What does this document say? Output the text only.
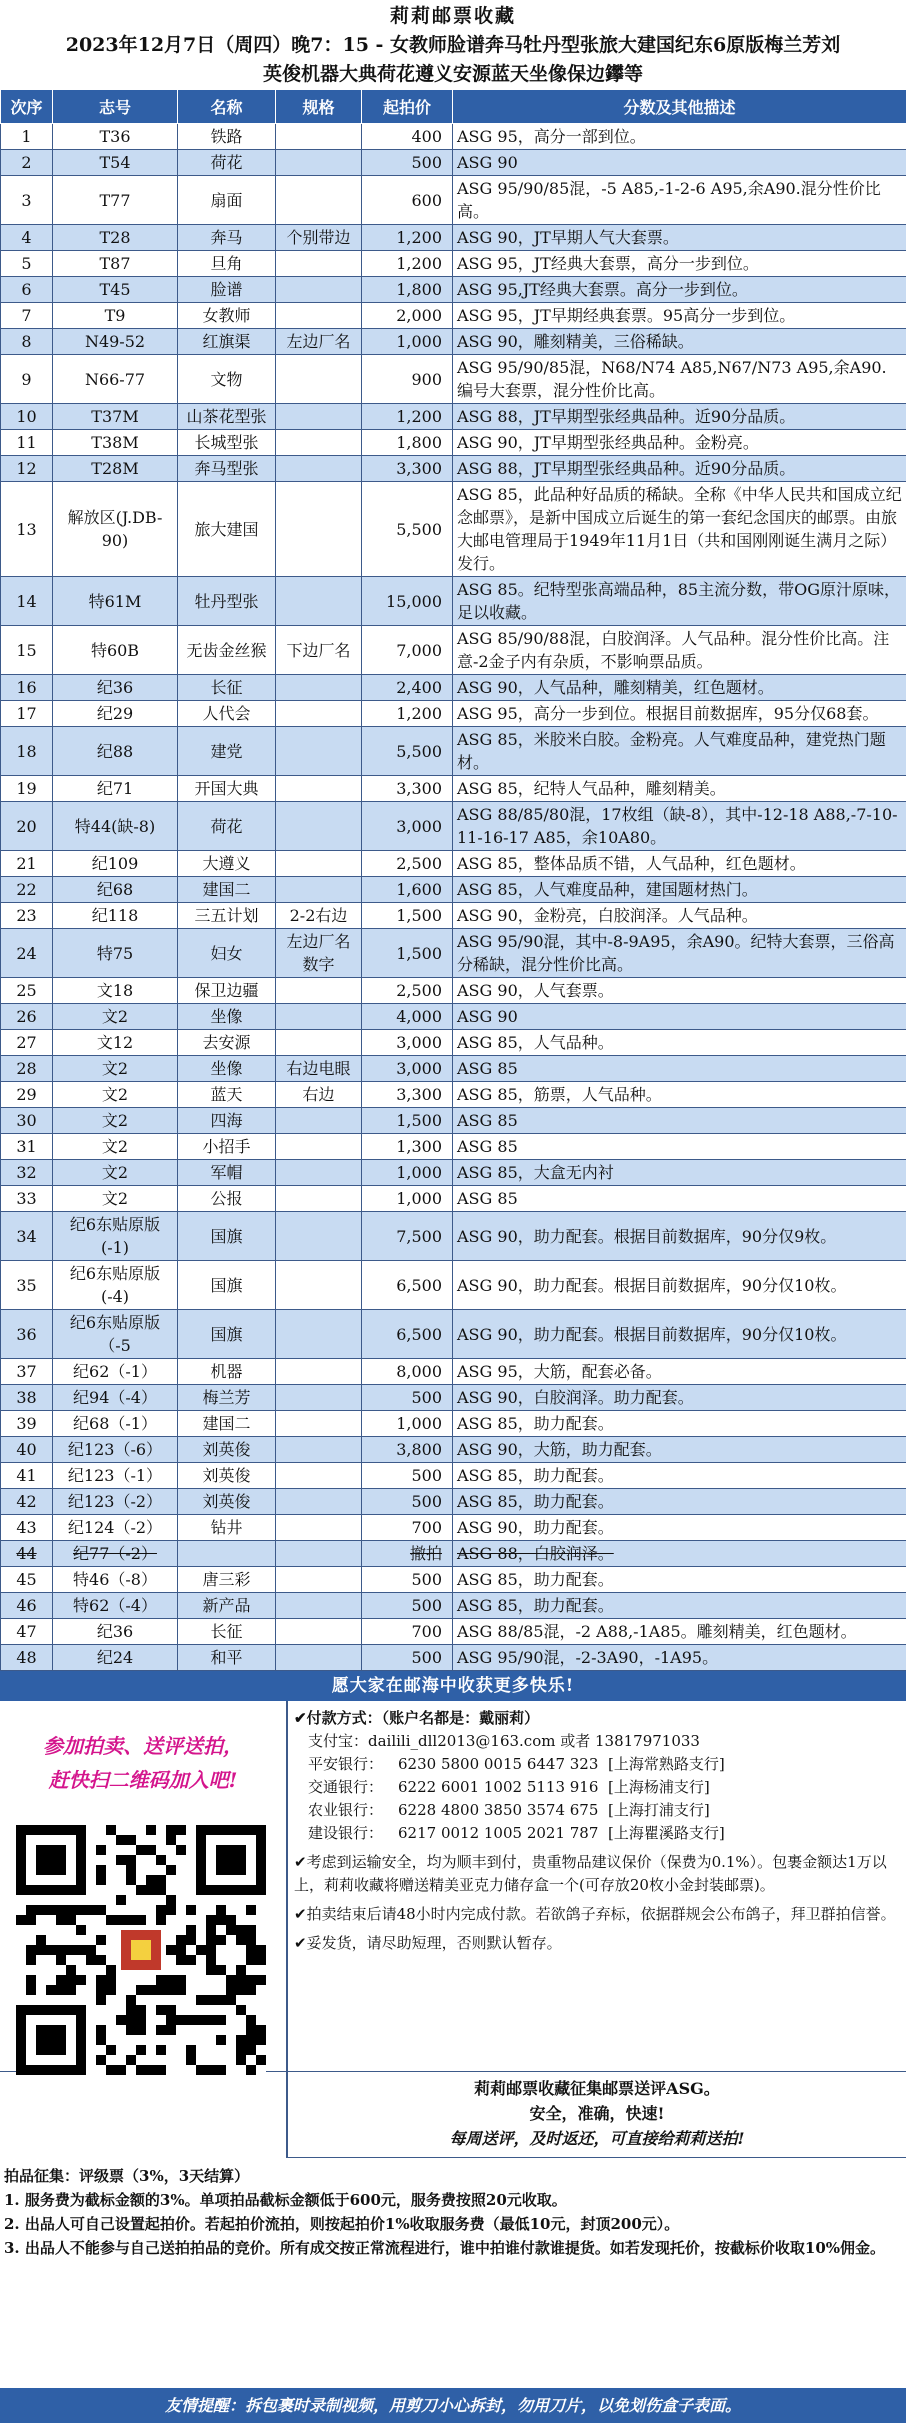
莉莉邮票收藏
2023年12月7日（周四）晚7：15 - 女教师脸谱奔马牡丹型张旅大建国纪东6原版梅兰芳刘
英俊机器大典荷花遵义安源蓝天坐像保边鑻等
次序	志号	名称	规格	起拍价	分数及其他描述
1	T36	铁路		400	ASG 95，高分一部到位。
2	T54	荷花		500	ASG 90
3	T77	扇面		600	ASG 95/90/85混，-5 A85,-1-2-6 A95,余A90.混分性价比高。
4	T28	奔马	个别带边	1,200	ASG 90，JT早期人气大套票。
5	T87	旦角		1,200	ASG 95，JT经典大套票，高分一步到位。
6	T45	脸谱		1,800	ASG 95,JT经典大套票。高分一步到位。
7	T9	女教师		2,000	ASG 95，JT早期经典套票。95高分一步到位。
8	N49-52	红旗渠	左边厂名	1,000	ASG 90，雕刻精美，三俗稀缺。
9	N66-77	文物		900	ASG 95/90/85混，N68/N74 A85,N67/N73 A95,余A90.编号大套票，混分性价比高。
10	T37M	山茶花型张		1,200	ASG 88，JT早期型张经典品种。近90分品质。
11	T38M	长城型张		1,800	ASG 90，JT早期型张经典品种。金粉亮。
12	T28M	奔马型张		3,300	ASG 88，JT早期型张经典品种。近90分品质。
13	解放区(J.DB-90)	旅大建国		5,500	ASG 85，此品种好品质的稀缺。全称《中华人民共和国成立纪念邮票》，是新中国成立后诞生的第一套纪念国庆的邮票。由旅大邮电管理局于1949年11月1日（共和国刚刚诞生满月之际）发行。
14	特61M	牡丹型张		15,000	ASG 85。纪特型张高端品种，85主流分数，带OG原汁原味，足以收藏。
15	特60B	无齿金丝猴	下边厂名	7,000	ASG 85/90/88混，白胶润泽。人气品种。混分性价比高。注意-2金子内有杂质，不影响票品质。
16	纪36	长征		2,400	ASG 90，人气品种，雕刻精美，红色题材。
17	纪29	人代会		1,200	ASG 95，高分一步到位。根据目前数据库，95分仅68套。
18	纪88	建党		5,500	ASG 85，米胶米白胶。金粉亮。人气难度品种，建党热门题材。
19	纪71	开国大典		3,300	ASG 85，纪特人气品种，雕刻精美。
20	特44(缺-8)	荷花		3,000	ASG 88/85/80混，17枚组（缺-8），其中-12-18 A88,-7-10-11-16-17 A85，余10A80。
21	纪109	大遵义		2,500	ASG 85，整体品质不错，人气品种，红色题材。
22	纪68	建国二		1,600	ASG 85，人气难度品种，建国题材热门。
23	纪118	三五计划	2-2右边	1,500	ASG 90，金粉亮，白胶润泽。人气品种。
24	特75	妇女	左边厂名数字	1,500	ASG 95/90混，其中-8-9A95，余A90。纪特大套票，三俗高分稀缺，混分性价比高。
25	文18	保卫边疆		2,500	ASG 90，人气套票。
26	文2	坐像		4,000	ASG 90
27	文12	去安源		3,000	ASG 85，人气品种。
28	文2	坐像	右边电眼	3,000	ASG 85
29	文2	蓝天	右边	3,300	ASG 85，筋票，人气品种。
30	文2	四海		1,500	ASG 85
31	文2	小招手		1,300	ASG 85
32	文2	军帽		1,000	ASG 85，大盒无内衬
33	文2	公报		1,000	ASG 85
34	纪6东贴原版(-1)	国旗		7,500	ASG 90，助力配套。根据目前数据库，90分仅9枚。
35	纪6东贴原版(-4)	国旗		6,500	ASG 90，助力配套。根据目前数据库，90分仅10枚。
36	纪6东贴原版（-5	国旗		6,500	ASG 90，助力配套。根据目前数据库，90分仅10枚。
37	纪62（-1）	机器		8,000	ASG 95，大筋，配套必备。
38	纪94（-4）	梅兰芳		500	ASG 90，白胶润泽。助力配套。
39	纪68（-1）	建国二		1,000	ASG 85，助力配套。
40	纪123（-6）	刘英俊		3,800	ASG 90，大筋，助力配套。
41	纪123（-1）	刘英俊		500	ASG 85，助力配套。
42	纪123（-2）	刘英俊		500	ASG 85，助力配套。
43	纪124（-2）	钻井		700	ASG 90，助力配套。
44	纪77（-2）			撤拍	ASG 88，白胶润泽。
45	特46（-8）	唐三彩		500	ASG 85，助力配套。
46	特62（-4）	新产品		500	ASG 85，助力配套。
47	纪36	长征		700	ASG 88/85混，-2 A88,-1A85。雕刻精美，红色题材。
48	纪24	和平		500	ASG 95/90混，-2-3A90，-1A95。
愿大家在邮海中收获更多快乐!
参加拍卖、送评送拍，
赶快扫二维码加入吧!
✔付款方式：（账户名都是：戴丽莉）
支付宝：dailili_dll2013@163.com 或者 13817971033
平安银行： 6230 5800 0015 6447 323 [上海常熟路支行]
交通银行： 6222 6001 1002 5113 916 [上海杨浦支行]
农业银行： 6228 4800 3850 3574 675 [上海打浦支行]
建设银行： 6217 0012 1005 2021 787 [上海瞿溪路支行]
✔考虑到运输安全，均为顺丰到付，贵重物品建议保价（保费为0.1%）。包裹金额达1万以上，莉莉收藏将赠送精美亚克力储存盒一个(可存放20枚小金封装邮票)。
✔拍卖结束后请48小时内完成付款。若欲鸽子弃标，依据群规会公布鸽子，拜卫群拍信誉。
✔妥发货，请尽助短理，否则默认暂存。
莉莉邮票收藏征集邮票送评ASG。
安全，准确，快速!
每周送评，及时返还，可直接给莉莉送拍!
拍品征集：评级票（3%，3天结算）
1. 服务费为截标金额的3%。单项拍品截标金额低于600元，服务费按照20元收取。
2. 出品人可自己设置起拍价。若起拍价流拍，则按起拍价1%收取服务费（最低10元，封顶200元）。
3. 出品人不能参与自己送拍拍品的竞价。所有成交按正常流程进行，谁中拍谁付款谁提货。如若发现托价，按截标价收取10%佣金。
友情提醒：拆包裹时录制视频，用剪刀小心拆封，勿用刀片，以免划伤盒子表面。
